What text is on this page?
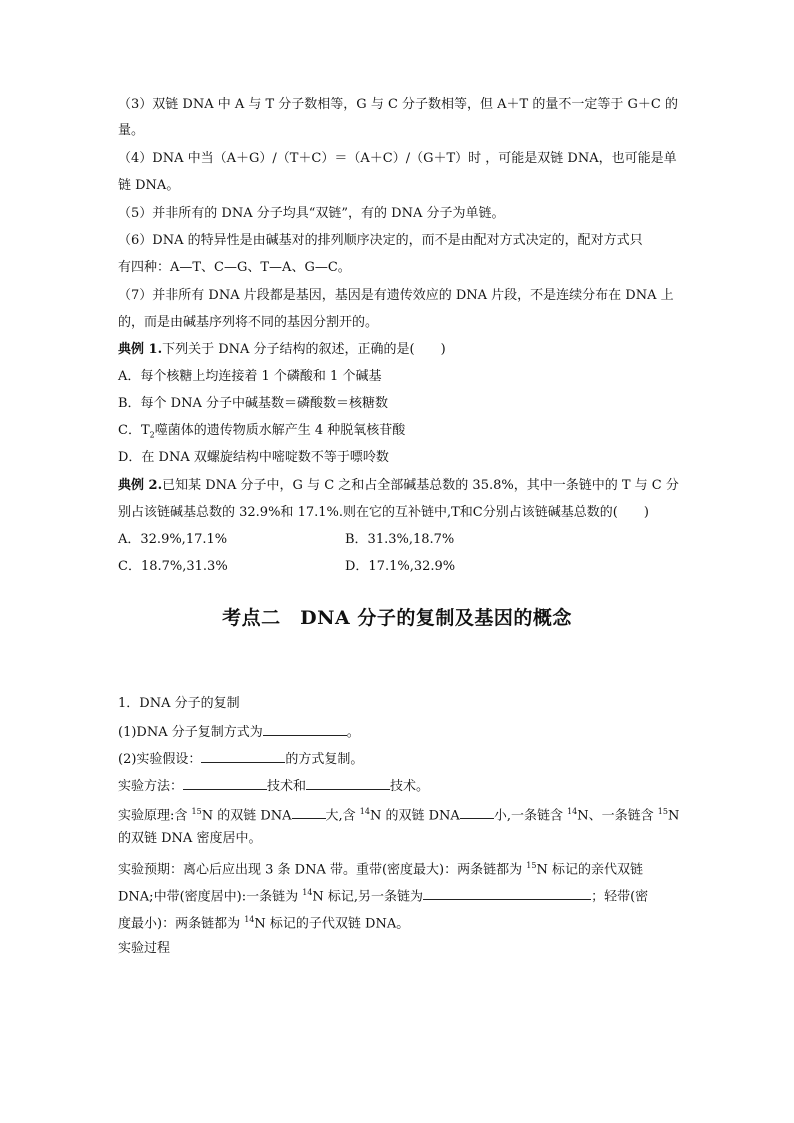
（3）双链 DNA 中 A 与 T 分子数相等，G 与 C 分子数相等，但 A＋T 的量不一定等于 G＋C 的
量。
（4）DNA 中当（A＋G）/（T＋C）＝（A＋C）/（G＋T）时 ，可能是双链 DNA，也可能是单
链 DNA。
（5）并非所有的 DNA 分子均具“双链”，有的 DNA 分子为单链。
（6）DNA 的特异性是由碱基对的排列顺序决定的，而不是由配对方式决定的，配对方式只
有四种：A—T、C—G、T—A、G—C。
（7）并非所有 DNA 片段都是基因，基因是有遗传效应的 DNA 片段，不是连续分布在 DNA 上
的，而是由碱基序列将不同的基因分割开的。
典例 1.下列关于 DNA 分子结构的叙述，正确的是(　　)
A．每个核糖上均连接着 1 个磷酸和 1 个碱基
B．每个 DNA 分子中碱基数＝磷酸数＝核糖数
C．$T_2$噬菌体的遗传物质水解产生 4 种脱氧核苷酸
D．在 DNA 双螺旋结构中嘧啶数不等于嘌呤数
典例 2.已知某 DNA 分子中，G 与 C 之和占全部碱基总数的 35.8%，其中一条链中的 T 与 C 分
别占该链碱基总数的 32.9%和 17.1%.则在它的互补链中,T和C分别占该链碱基总数的(　　)
A．32.9%,17.1%	B．31.3%,18.7%
C．18.7%,31.3%	D．17.1%,32.9%
考点二　DNA 分子的复制及基因的概念
1．DNA 分子的复制
(1)DNA 分子复制方式为	。
(2)实验假设：	的方式复制。
实验方法：	技术和	技术。
实验原理:含 $^{15}$N 的双链 DNA	大,含 $^{14}$N 的双链 DNA	小,一条链含 $^{14}$N、一条链含 $^{15}$N
的双链 DNA 密度居中。
实验预期：离心后应出现 3 条 DNA 带。重带(密度最大)：两条链都为 $^{15}$N 标记的亲代双链
DNA;中带(密度居中):一条链为 $^{14}$N 标记,另一条链为	；轻带(密
度最小)：两条链都为 $^{14}$N 标记的子代双链 DNA。
实验过程
